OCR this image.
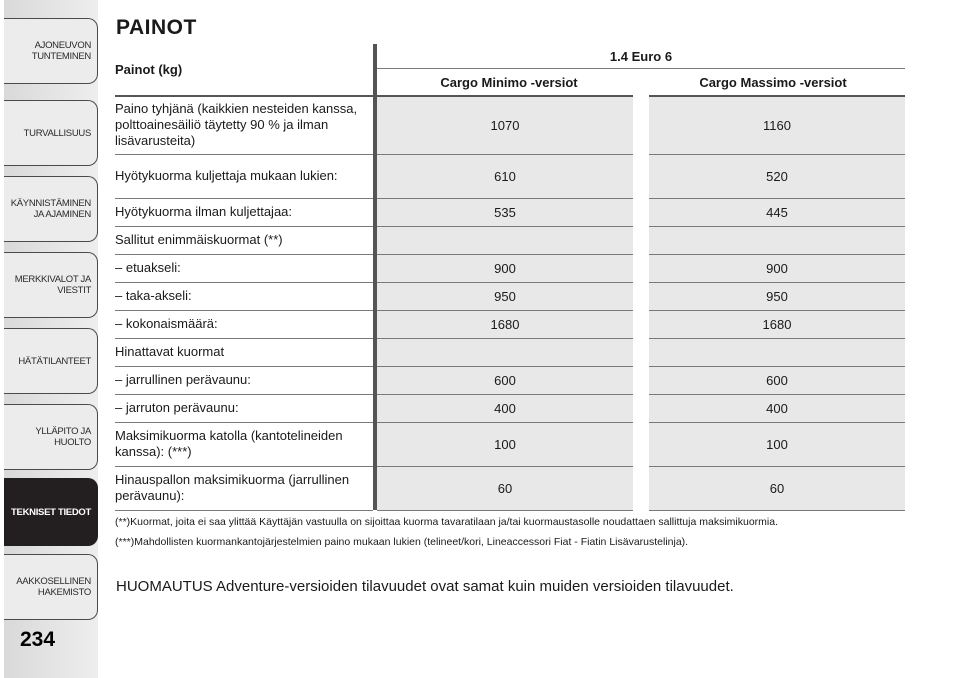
AJONEUVON
TUNTEMINEN
TURVALLISUUS
KÄYNNISTÄMINEN
JA AJAMINEN
MERKKIVALOT JA
VIESTIT
HÄTÄTILANTEET
YLLÄPITO JA HUOLTO
TEKNISET TIEDOT
AAKKOSELLINEN
HAKEMISTO
234
PAINOT
Painot (kg)		1.4 Euro 6	
		Cargo Minimo -versiot	Cargo Massimo -versiot
Paino tyhjänä (kaikkien nesteiden kanssa, polttoainesäiliö täytetty 90 % ja ilman lisävarusteita)		1070	1160
Hyötykuorma kuljettaja mukaan lukien:		610	520
Hyötykuorma ilman kuljettajaa:		535	445
Sallitut enimmäiskuormat (**)			
– etuakseli:		900	900
– taka-akseli:		950	950
– kokonaismäärä:		1680	1680
Hinattavat kuormat			
– jarrullinen perävaunu:		600	600
– jarruton perävaunu:		400	400
Maksimikuorma katolla (kantotelineiden kanssa): (***)		100	100
Hinauspallon maksimikuorma (jarrullinen perävaunu):		60	60

(**)Kuormat, joita ei saa ylittää Käyttäjän vastuulla on sijoittaa kuorma tavaratilaan ja/tai kuormaustasolle noudattaen sallittuja maksimikuormia.

(***)Mahdollisten kuormankantojärjestelmien paino mukaan lukien (telineet/kori, Lineaccessori Fiat - Fiatin Lisävarustelinja).

HUOMAUTUS Adventure-versioiden tilavuudet ovat samat kuin muiden versioiden tilavuudet.
